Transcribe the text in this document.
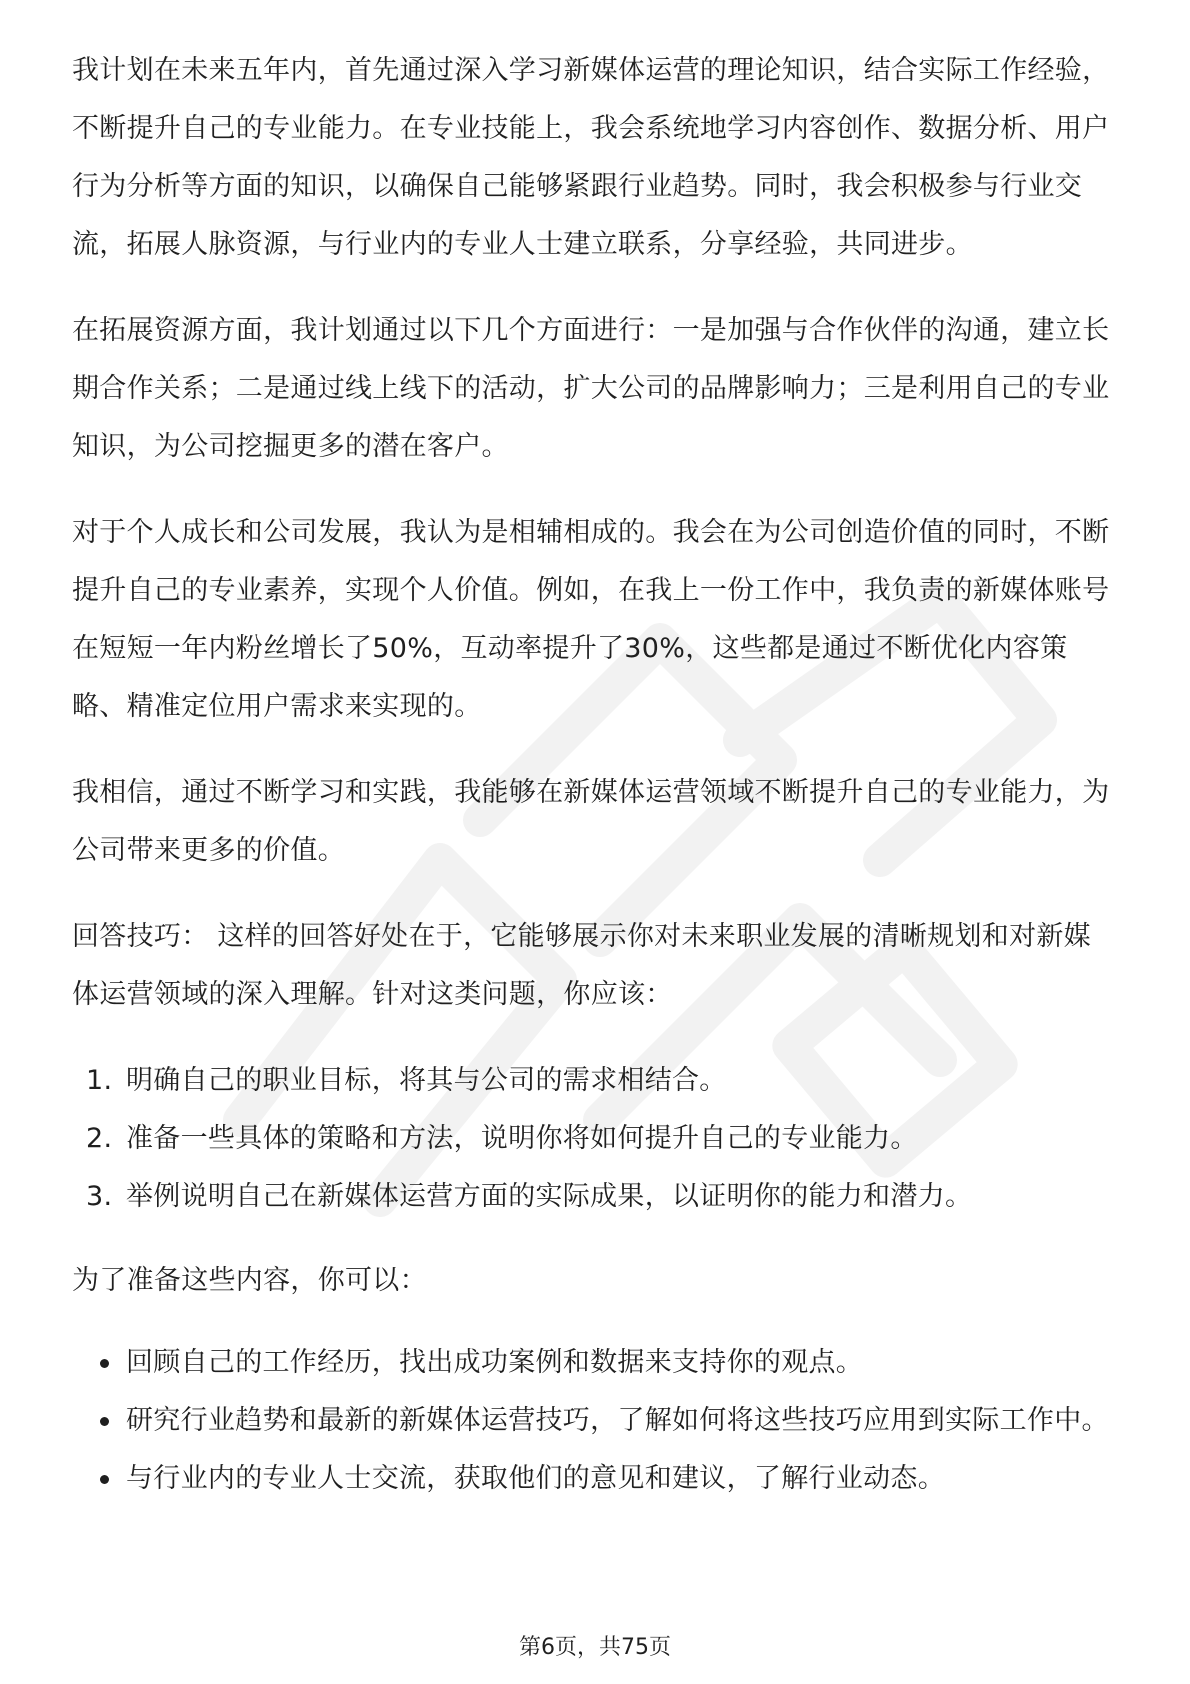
我计划在未来五年内，首先通过深入学习新媒体运营的理论知识，结合实际工作经验，不断提升自己的专业能力。在专业技能上，我会系统地学习内容创作、数据分析、用户行为分析等方面的知识，以确保自己能够紧跟行业趋势。同时，我会积极参与行业交流，拓展人脉资源，与行业内的专业人士建立联系，分享经验，共同进步。

在拓展资源方面，我计划通过以下几个方面进行：一是加强与合作伙伴的沟通，建立长期合作关系；二是通过线上线下的活动，扩大公司的品牌影响力；三是利用自己的专业知识，为公司挖掘更多的潜在客户。

对于个人成长和公司发展，我认为是相辅相成的。我会在为公司创造价值的同时，不断提升自己的专业素养，实现个人价值。例如，在我上一份工作中，我负责的新媒体账号在短短一年内粉丝增长了50%，互动率提升了30%，这些都是通过不断优化内容策略、精准定位用户需求来实现的。

我相信，通过不断学习和实践，我能够在新媒体运营领域不断提升自己的专业能力，为公司带来更多的价值。

回答技巧： 这样的回答好处在于，它能够展示你对未来职业发展的清晰规划和对新媒体运营领域的深入理解。针对这类问题，你应该：

1. 明确自己的职业目标，将其与公司的需求相结合。
2. 准备一些具体的策略和方法，说明你将如何提升自己的专业能力。
3. 举例说明自己在新媒体运营方面的实际成果，以证明你的能力和潜力。

为了准备这些内容，你可以：

回顾自己的工作经历，找出成功案例和数据来支持你的观点。
研究行业趋势和最新的新媒体运营技巧，了解如何将这些技巧应用到实际工作中。
与行业内的专业人士交流，获取他们的意见和建议，了解行业动态。
第6页，共75页
